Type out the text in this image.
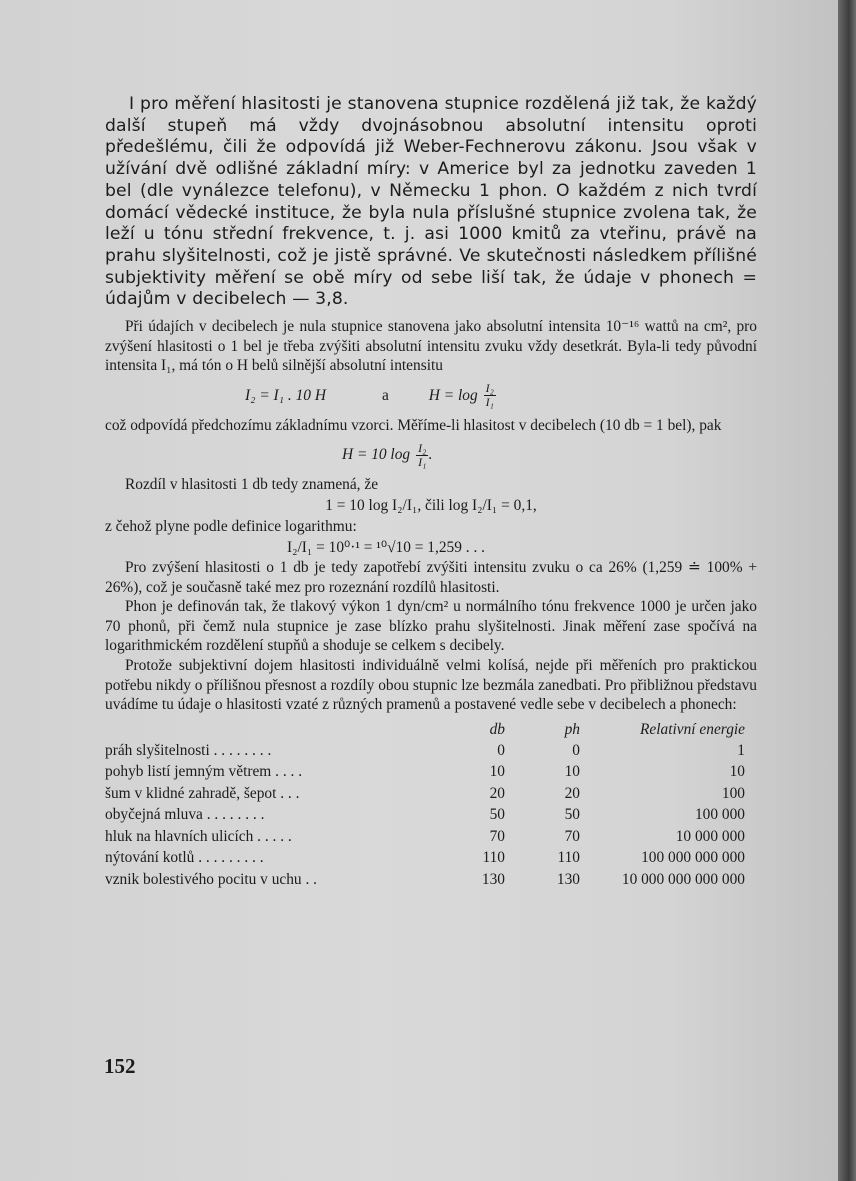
I pro měření hlasitosti je stanovena stupnice rozdělená již tak, že každý další stupeň má vždy dvojnásobnou absolutní intensitu oproti předešlému, čili že odpovídá již Weber-Fechnerovu zákonu. Jsou však v užívání dvě odlišné základní míry: v Americe byl za jednotku zaveden 1 bel (dle vynálezce telefonu), v Německu 1 phon. O každém z nich tvrdí domácí vědecké instituce, že byla nula příslušné stupnice zvolena tak, že leží u tónu střední frekvence, t. j. asi 1000 kmitů za vteřinu, právě na prahu slyšitelnosti, což je jistě správné. Ve skutečnosti následkem přílišné subjektivity měření se obě míry od sebe liší tak, že údaje v phonech = údajům v decibelech — 3,8.

Při údajích v decibelech je nula stupnice stanovena jako absolutní intensita 10⁻¹⁶ wattů na cm², pro zvýšení hlasitosti o 1 bel je třeba zvýšiti absolutní intensitu zvuku vždy desetkrát. Byla-li tedy původní intensita I₁, má tón o H belů silnější absolutní intensitu

I₂ = I₁ . 10 H	a	$H = \log \frac{\text{I₂}}{\text{I₁}}$

což odpovídá předchozímu základnímu vzorci. Měříme-li hlasitost v decibelech (10 db = 1 bel), pak

H = 10 $\log \frac{\text{I₂}}{\text{I₁}}$ .

Rozdíl v hlasitosti 1 db tedy znamená, že

1 = 10 log I₂/I₁, čili log I₂/I₁ = 0,1,
z čehož plyne podle definice logarithmu:
I₂/I₁ = 10⁰·¹ = ¹⁰√10 = 1,259 . . .

Pro zvýšení hlasitosti o 1 db je tedy zapotřebí zvýšiti intensitu zvuku o ca 26% (1,259 ≐ 100% + 26%), což je současně také mez pro rozeznání rozdílů hlasitosti.

Phon je definován tak, že tlakový výkon 1 dyn/cm² u normálního tónu frekvence 1000 je určen jako 70 phonů, při čemž nula stupnice je zase blízko prahu slyšitelnosti. Jinak měření zase spočívá na logarithmickém rozdělení stupňů a shoduje se celkem s decibely.

Protože subjektivní dojem hlasitosti individuálně velmi kolísá, nejde při měřeních pro praktickou potřebu nikdy o přílišnou přesnost a rozdíly obou stupnic lze bezmála zanedbati. Pro přibližnou představu uvádíme tu údaje o hlasitosti vzaté z různých pramenů a postavené vedle sebe v decibelech a phonech:

	db	ph	Relativní energie
práh slyšitelnosti . . . . . . . .	0	0	1
pohyb listí jemným větrem . . . .	10	10	10
šum v klidné zahradě, šepot . . .	20	20	100
obyčejná mluva . . . . . . . .	50	50	100 000
hluk na hlavních ulicích . . . . .	70	70	10 000 000
nýtování kotlů . . . . . . . . .	110	110	100 000 000 000
vznik bolestivého pocitu v uchu . .	130	130	10 000 000 000 000
152
